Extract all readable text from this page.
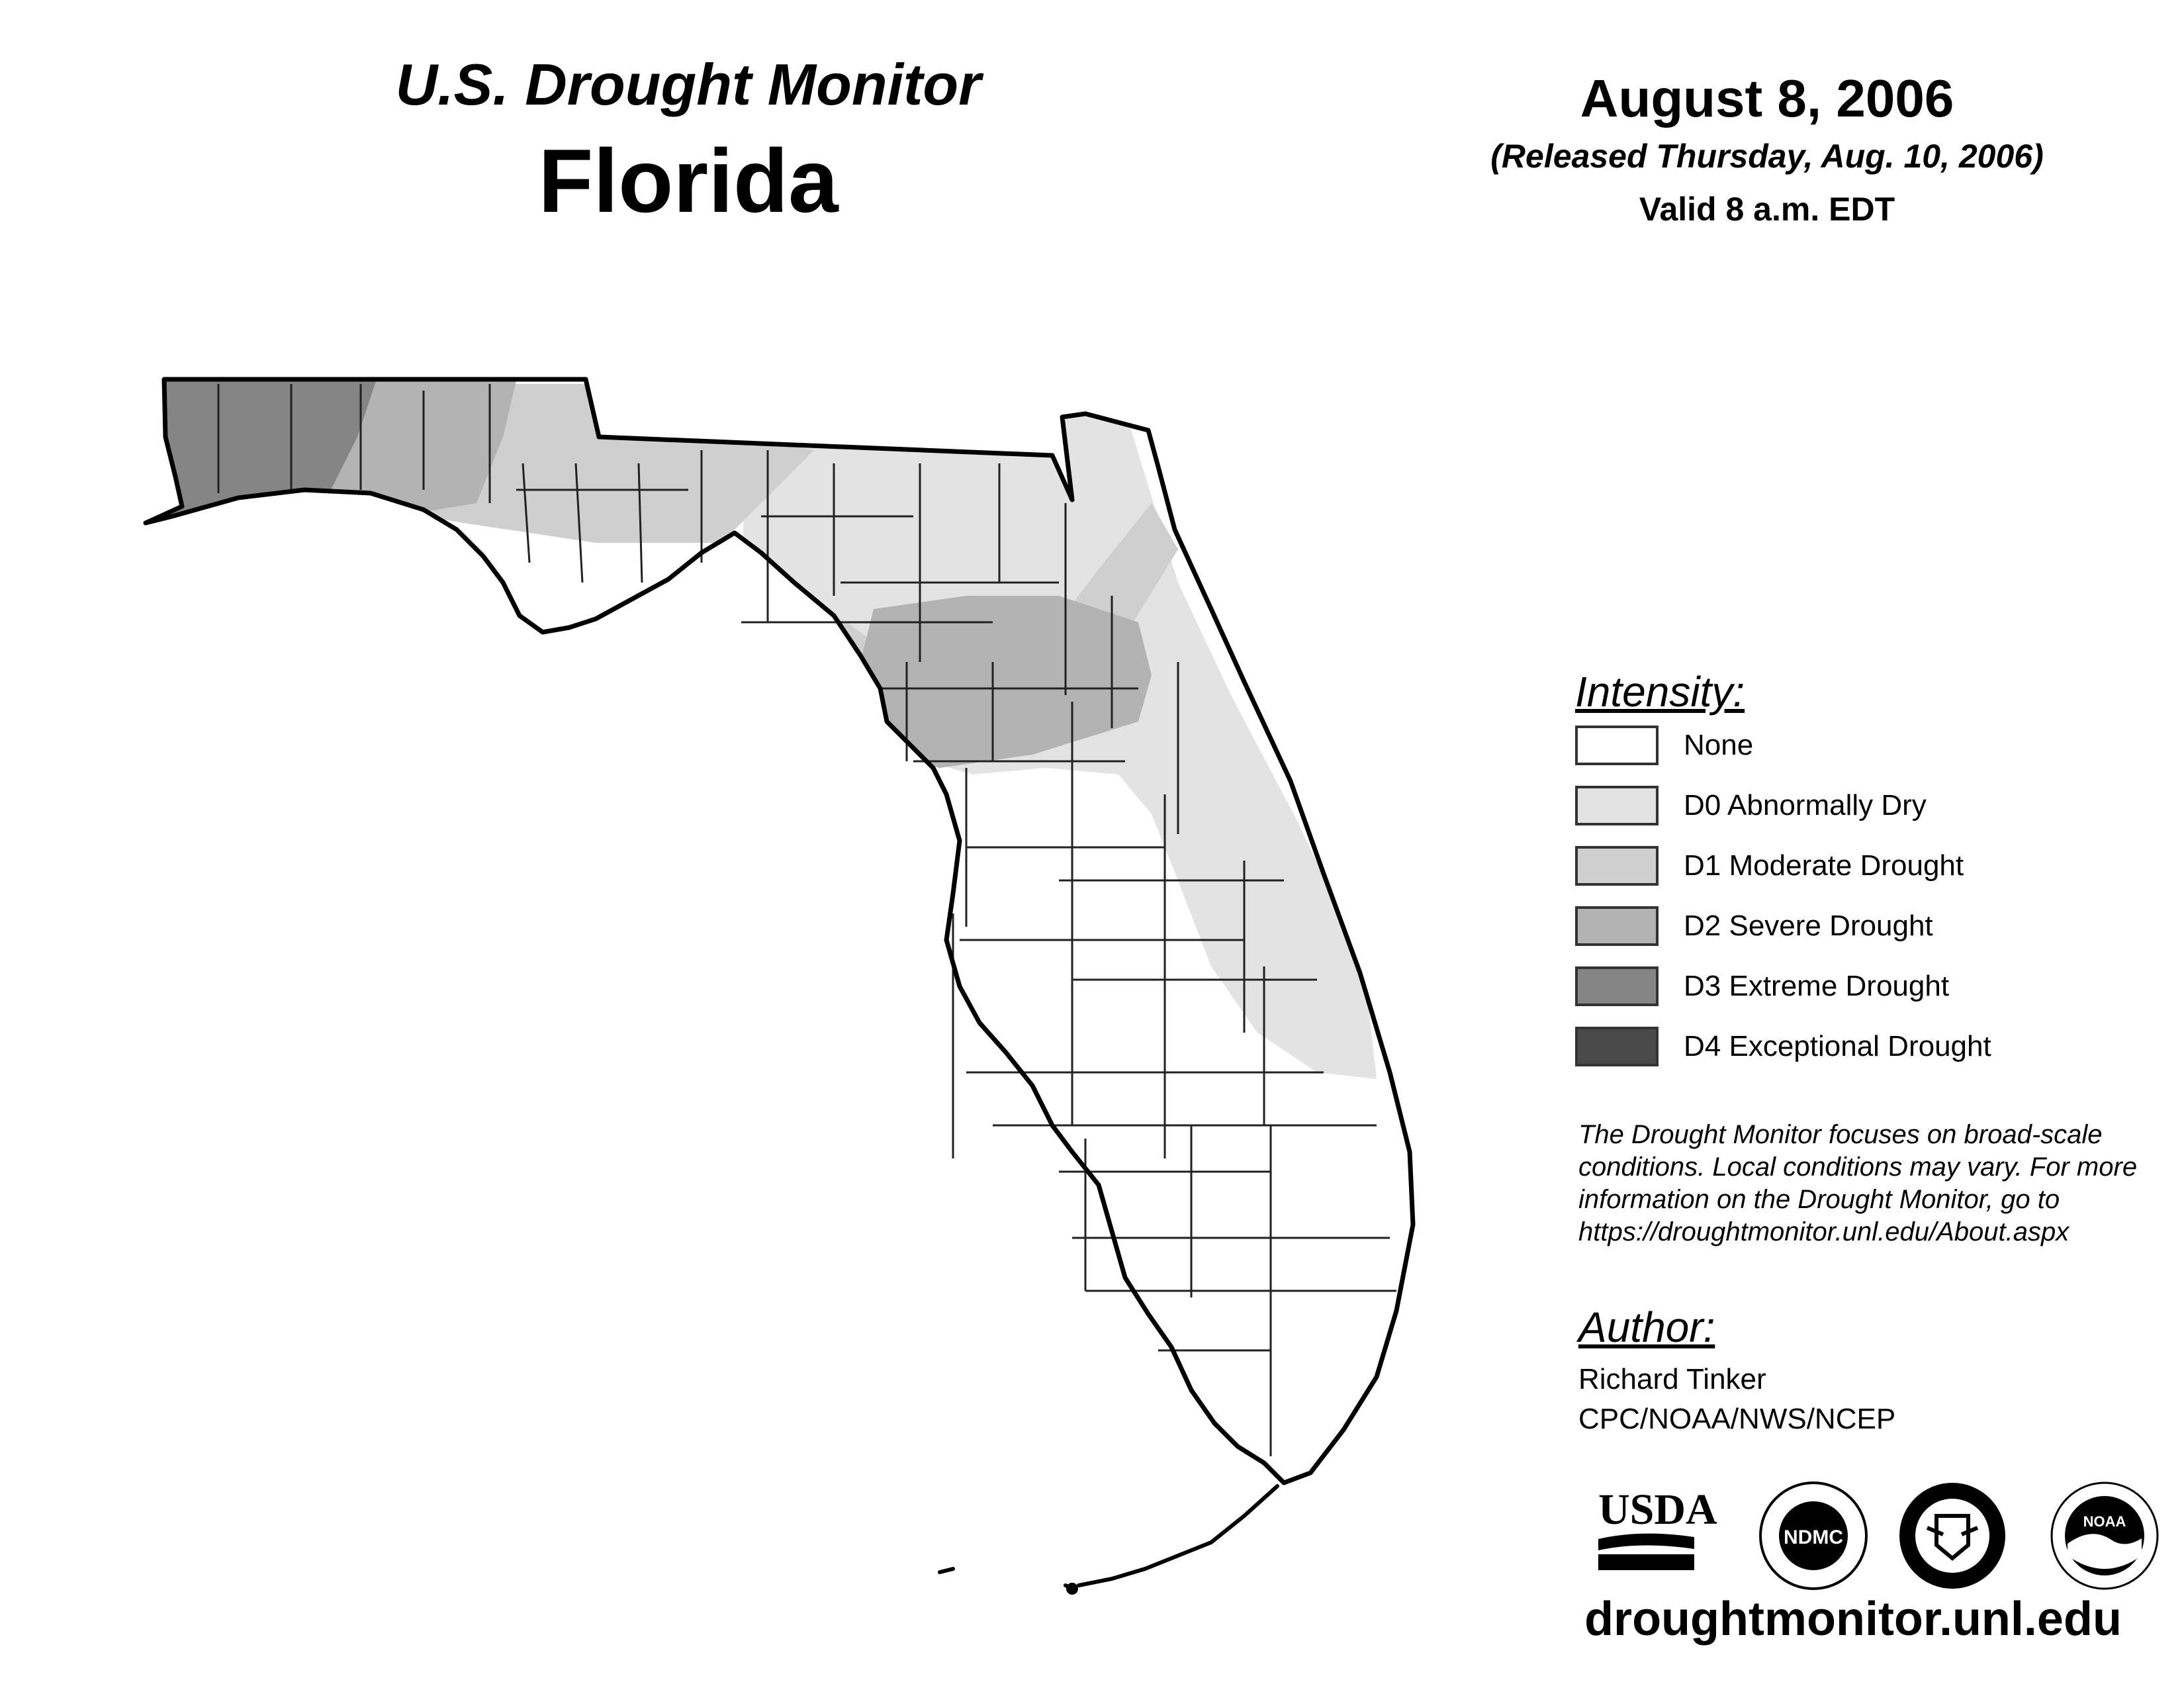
U.S. Drought Monitor
Florida
August 8, 2006
(Released Thursday, Aug. 10, 2006)
Valid 8 a.m. EDT
Intensity:
None
D0 Abnormally Dry
D1 Moderate Drought
D2 Severe Drought
D3 Extreme Drought
D4 Exceptional Drought
The Drought Monitor focuses on broad-scale conditions. Local conditions may vary. For more information on the Drought Monitor, go to https://droughtmonitor.unl.edu/About.aspx
Author:
Richard Tinker
CPC/NOAA/NWS/NCEP
USDA
NDMC
NOAA
droughtmonitor.unl.edu
